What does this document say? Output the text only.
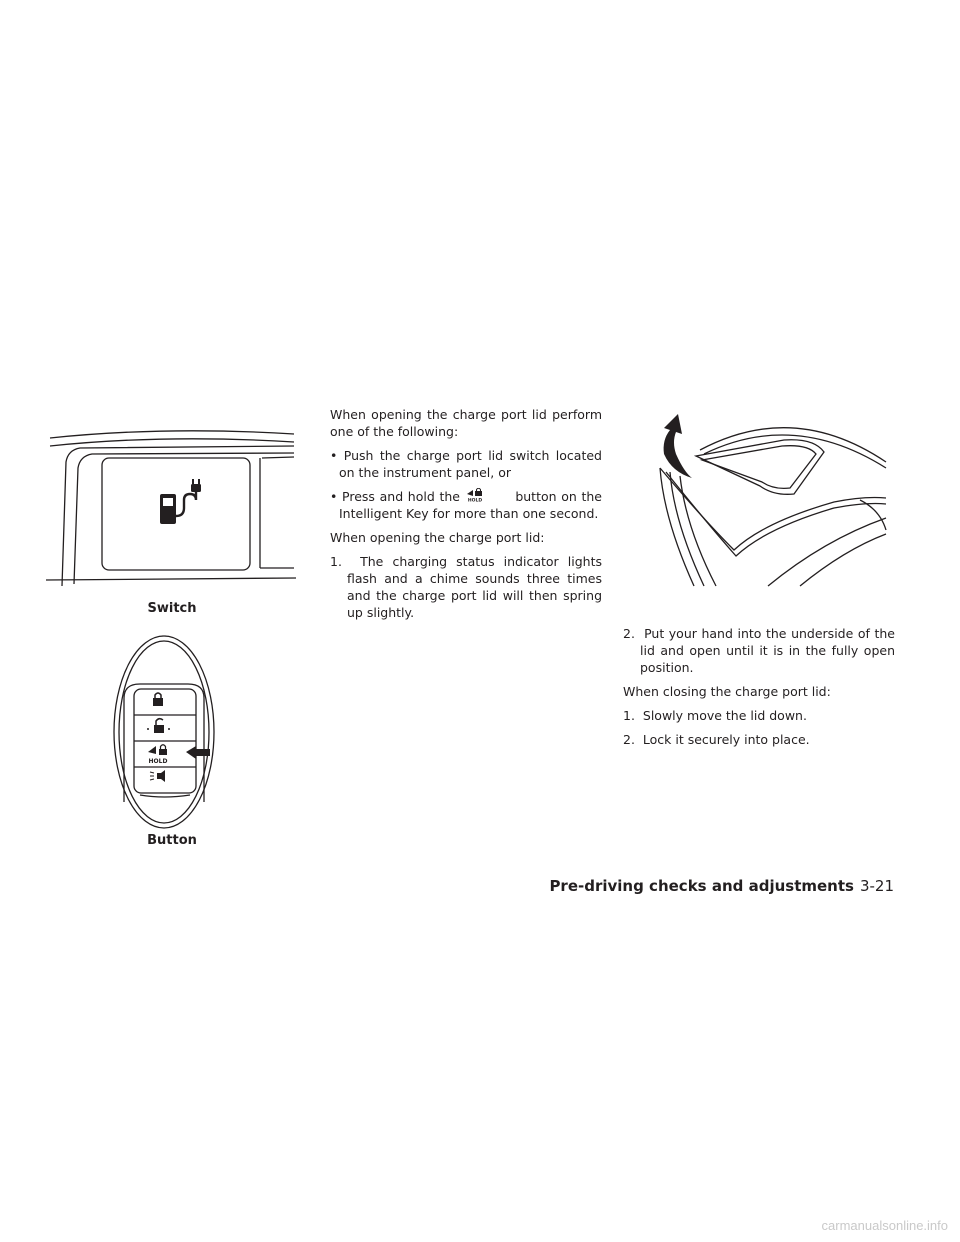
Switch
HOLD
Button

When opening the charge port lid perform one of the following:

• Push the charge port lid switch located on the instrument panel, or
• Press and hold the HOLD	button on the Intelligent Key for more than one second.

When opening the charge port lid:

1. The charging status indicator lights flash and a chime sounds three times and the charge port lid will then spring up slightly.
2. Put your hand into the underside of the lid and open until it is in the fully open position.

When closing the charge port lid:

1. Slowly move the lid down.
2. Lock it securely into place.
Pre-driving checks and adjustments 3-21
carmanualsonline.info
